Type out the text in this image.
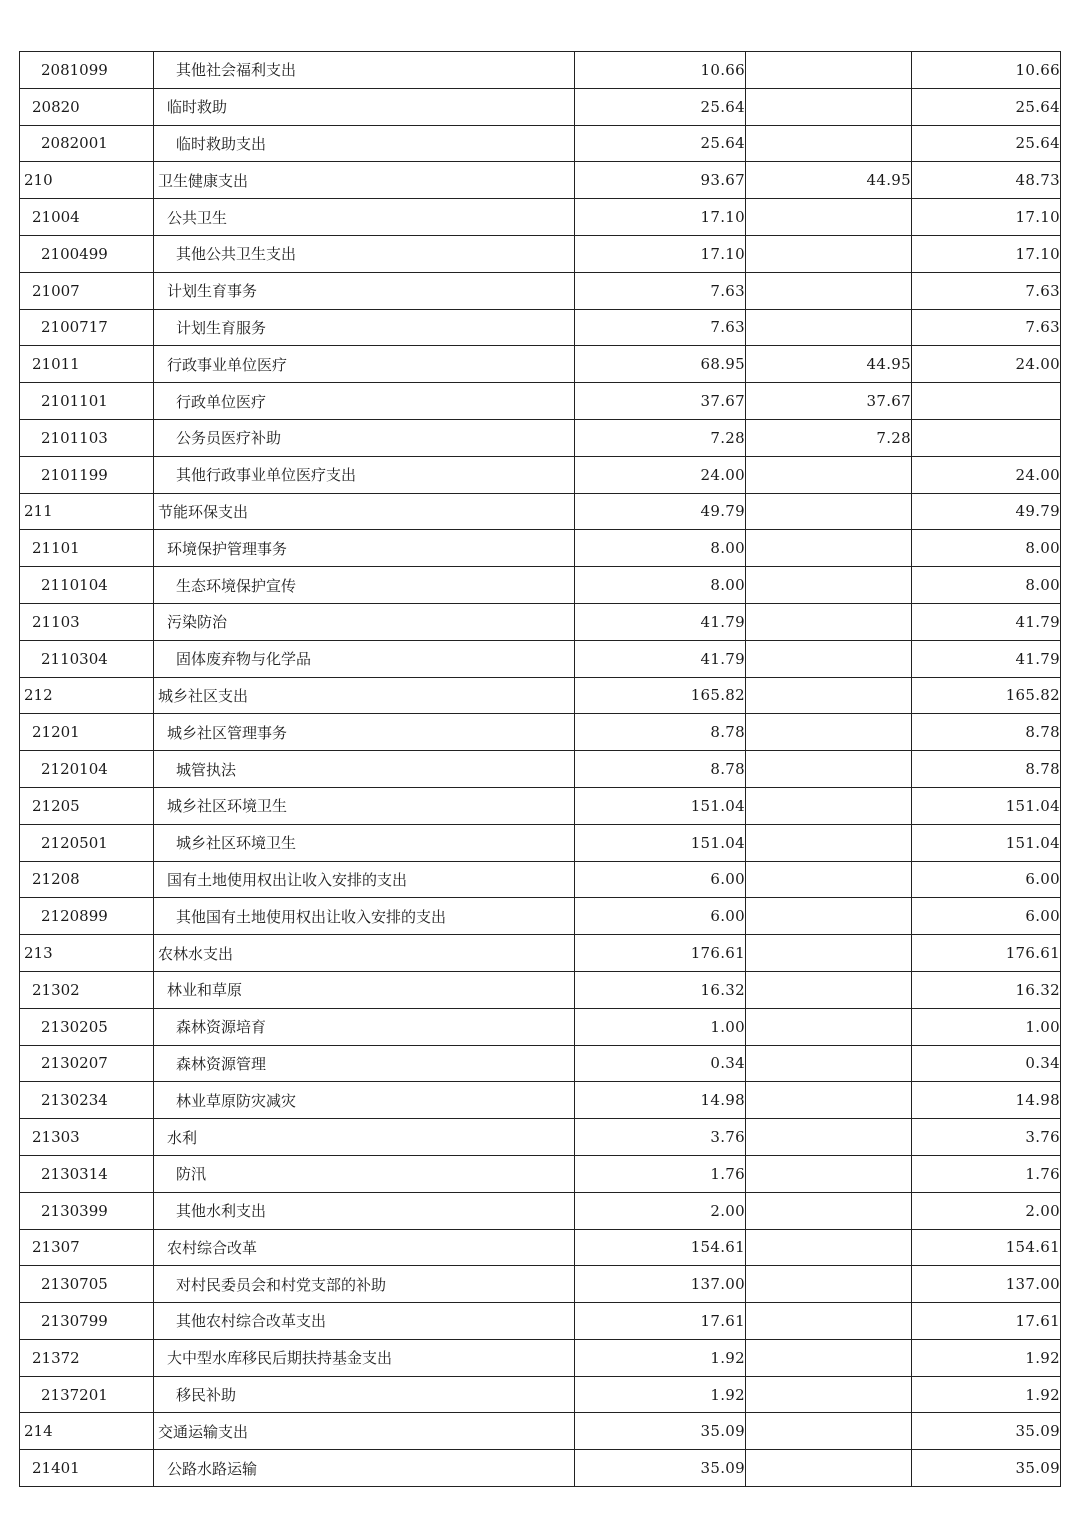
2081099	其他社会福利支出	10.66		10.66
20820	临时救助	25.64		25.64
2082001	临时救助支出	25.64		25.64
210	卫生健康支出	93.67	44.95	48.73
21004	公共卫生	17.10		17.10
2100499	其他公共卫生支出	17.10		17.10
21007	计划生育事务	7.63		7.63
2100717	计划生育服务	7.63		7.63
21011	行政事业单位医疗	68.95	44.95	24.00
2101101	行政单位医疗	37.67	37.67	
2101103	公务员医疗补助	7.28	7.28	
2101199	其他行政事业单位医疗支出	24.00		24.00
211	节能环保支出	49.79		49.79
21101	环境保护管理事务	8.00		8.00
2110104	生态环境保护宣传	8.00		8.00
21103	污染防治	41.79		41.79
2110304	固体废弃物与化学品	41.79		41.79
212	城乡社区支出	165.82		165.82
21201	城乡社区管理事务	8.78		8.78
2120104	城管执法	8.78		8.78
21205	城乡社区环境卫生	151.04		151.04
2120501	城乡社区环境卫生	151.04		151.04
21208	国有土地使用权出让收入安排的支出	6.00		6.00
2120899	其他国有土地使用权出让收入安排的支出	6.00		6.00
213	农林水支出	176.61		176.61
21302	林业和草原	16.32		16.32
2130205	森林资源培育	1.00		1.00
2130207	森林资源管理	0.34		0.34
2130234	林业草原防灾减灾	14.98		14.98
21303	水利	3.76		3.76
2130314	防汛	1.76		1.76
2130399	其他水利支出	2.00		2.00
21307	农村综合改革	154.61		154.61
2130705	对村民委员会和村党支部的补助	137.00		137.00
2130799	其他农村综合改革支出	17.61		17.61
21372	大中型水库移民后期扶持基金支出	1.92		1.92
2137201	移民补助	1.92		1.92
214	交通运输支出	35.09		35.09
21401	公路水路运输	35.09		35.09
